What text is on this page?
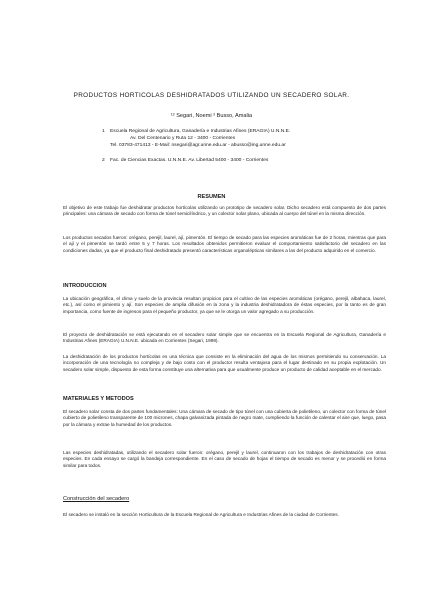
PRODUCTOS HORTICOLAS DESHIDRATADOS UTILIZANDO UN SECADERO SOLAR.
¹² Segari, Noemi ² Busso, Amalia
1 Escuela Regional de Agricultura, Ganadería e Industrias Afines (ERAGIA) U.N.N.E.
Av. Del Centenario y Ruta 12 - 3400 - Corrientes
Tel. 03783-471413 - E-Mail: nsegari@agr.unne.edu.ar - abusso@ing.unne.edu.ar
2 Fac. de Ciencias Exactas. U.N.N.E. Av. Libertad 5400 - 3400 - Corrientes
RESUMEN
El objetivo de este trabajo fue deshidratar productos hortícolas utilizando un prototipo de secadero solar. Dicho secadero está compuesto de dos partes principales: una cámara de secado con forma de túnel semicilíndrico, y un colector solar plano, ubicada al cuerpo del túnel en la misma dirección.
Los productos secados fueron: orégano, perejil, laurel, ají, pimentón. El tiempo de secado para las especies aromáticas fue de 2 horas, mientras que para el ají y el pimentón se tardó entre 5 y 7 horas. Los resultados obtenidos permitieron evaluar el comportamiento satisfactorio del secadero en las condiciones dadas, ya que el producto final deshidratado presentó características organolépticas similares a las del producto adquirido en el comercio.
INTRODUCCION
La ubicación geográfica, el clima y suelo de la provincia resultan propicios para el cultivo de las especies aromáticas (orégano, perejil, albahaca, laurel, etc.), así como el pimiento y ají. Son especies de amplia difusión en la zona y la industria deshidratadora de éstas especies, por la tanto es de gran importancia, como fuente de ingresos para el pequeño productor, ya que se le otorga un valor agregado a su producción.
El proyecto de deshidratación se está ejecutando en el secadero solar simple que se encuentra en la Escuela Regional de Agricultura, Ganadería e Industrias Afines (ERAGIA) U.N.N.E. ubicada en Corrientes (Segari, 1998).
La deshidratación de los productos hortícolas es una técnica que consiste en la eliminación del agua de los mismos permitiendo su conservación. La incorporación de una tecnología no compleja y de bajo costo con el productor resulta ventajosa para el lugar destinado en su propia explotación. Un secadero solar simple, dispuesto de esta forma constituye una alternativa para que usualmente produce un producto de calidad aceptable en el mercado.
MATERIALES Y METODOS
El secadero solar consta de dos partes fundamentales: Una cámara de secado de tipo túnel con una cubierta de polietileno, un colector con forma de túnel cubierto de polietileno transparente de 100 micrones, chapa galvanizada pintada de negro mate, cumpliendo la función de calentar el aire que, luego, pasa por la cámara y extrae la humedad de los productos.
Las especies deshidratadas, utilizando el secadero solar fueron: orégano, perejil y laurel, continuaron con los trabajos de deshidratación con otras especies. En cada ensayo se cargó la bandeja correspondiente. En el caso de secado de hojas el tiempo de secado es menor y se procedió en forma similar para todos.
Construcción del secadero
El secadero se instaló en la sección Horticultura de la Escuela Regional de Agricultura e Industrias Afines de la ciudad de Corrientes.
